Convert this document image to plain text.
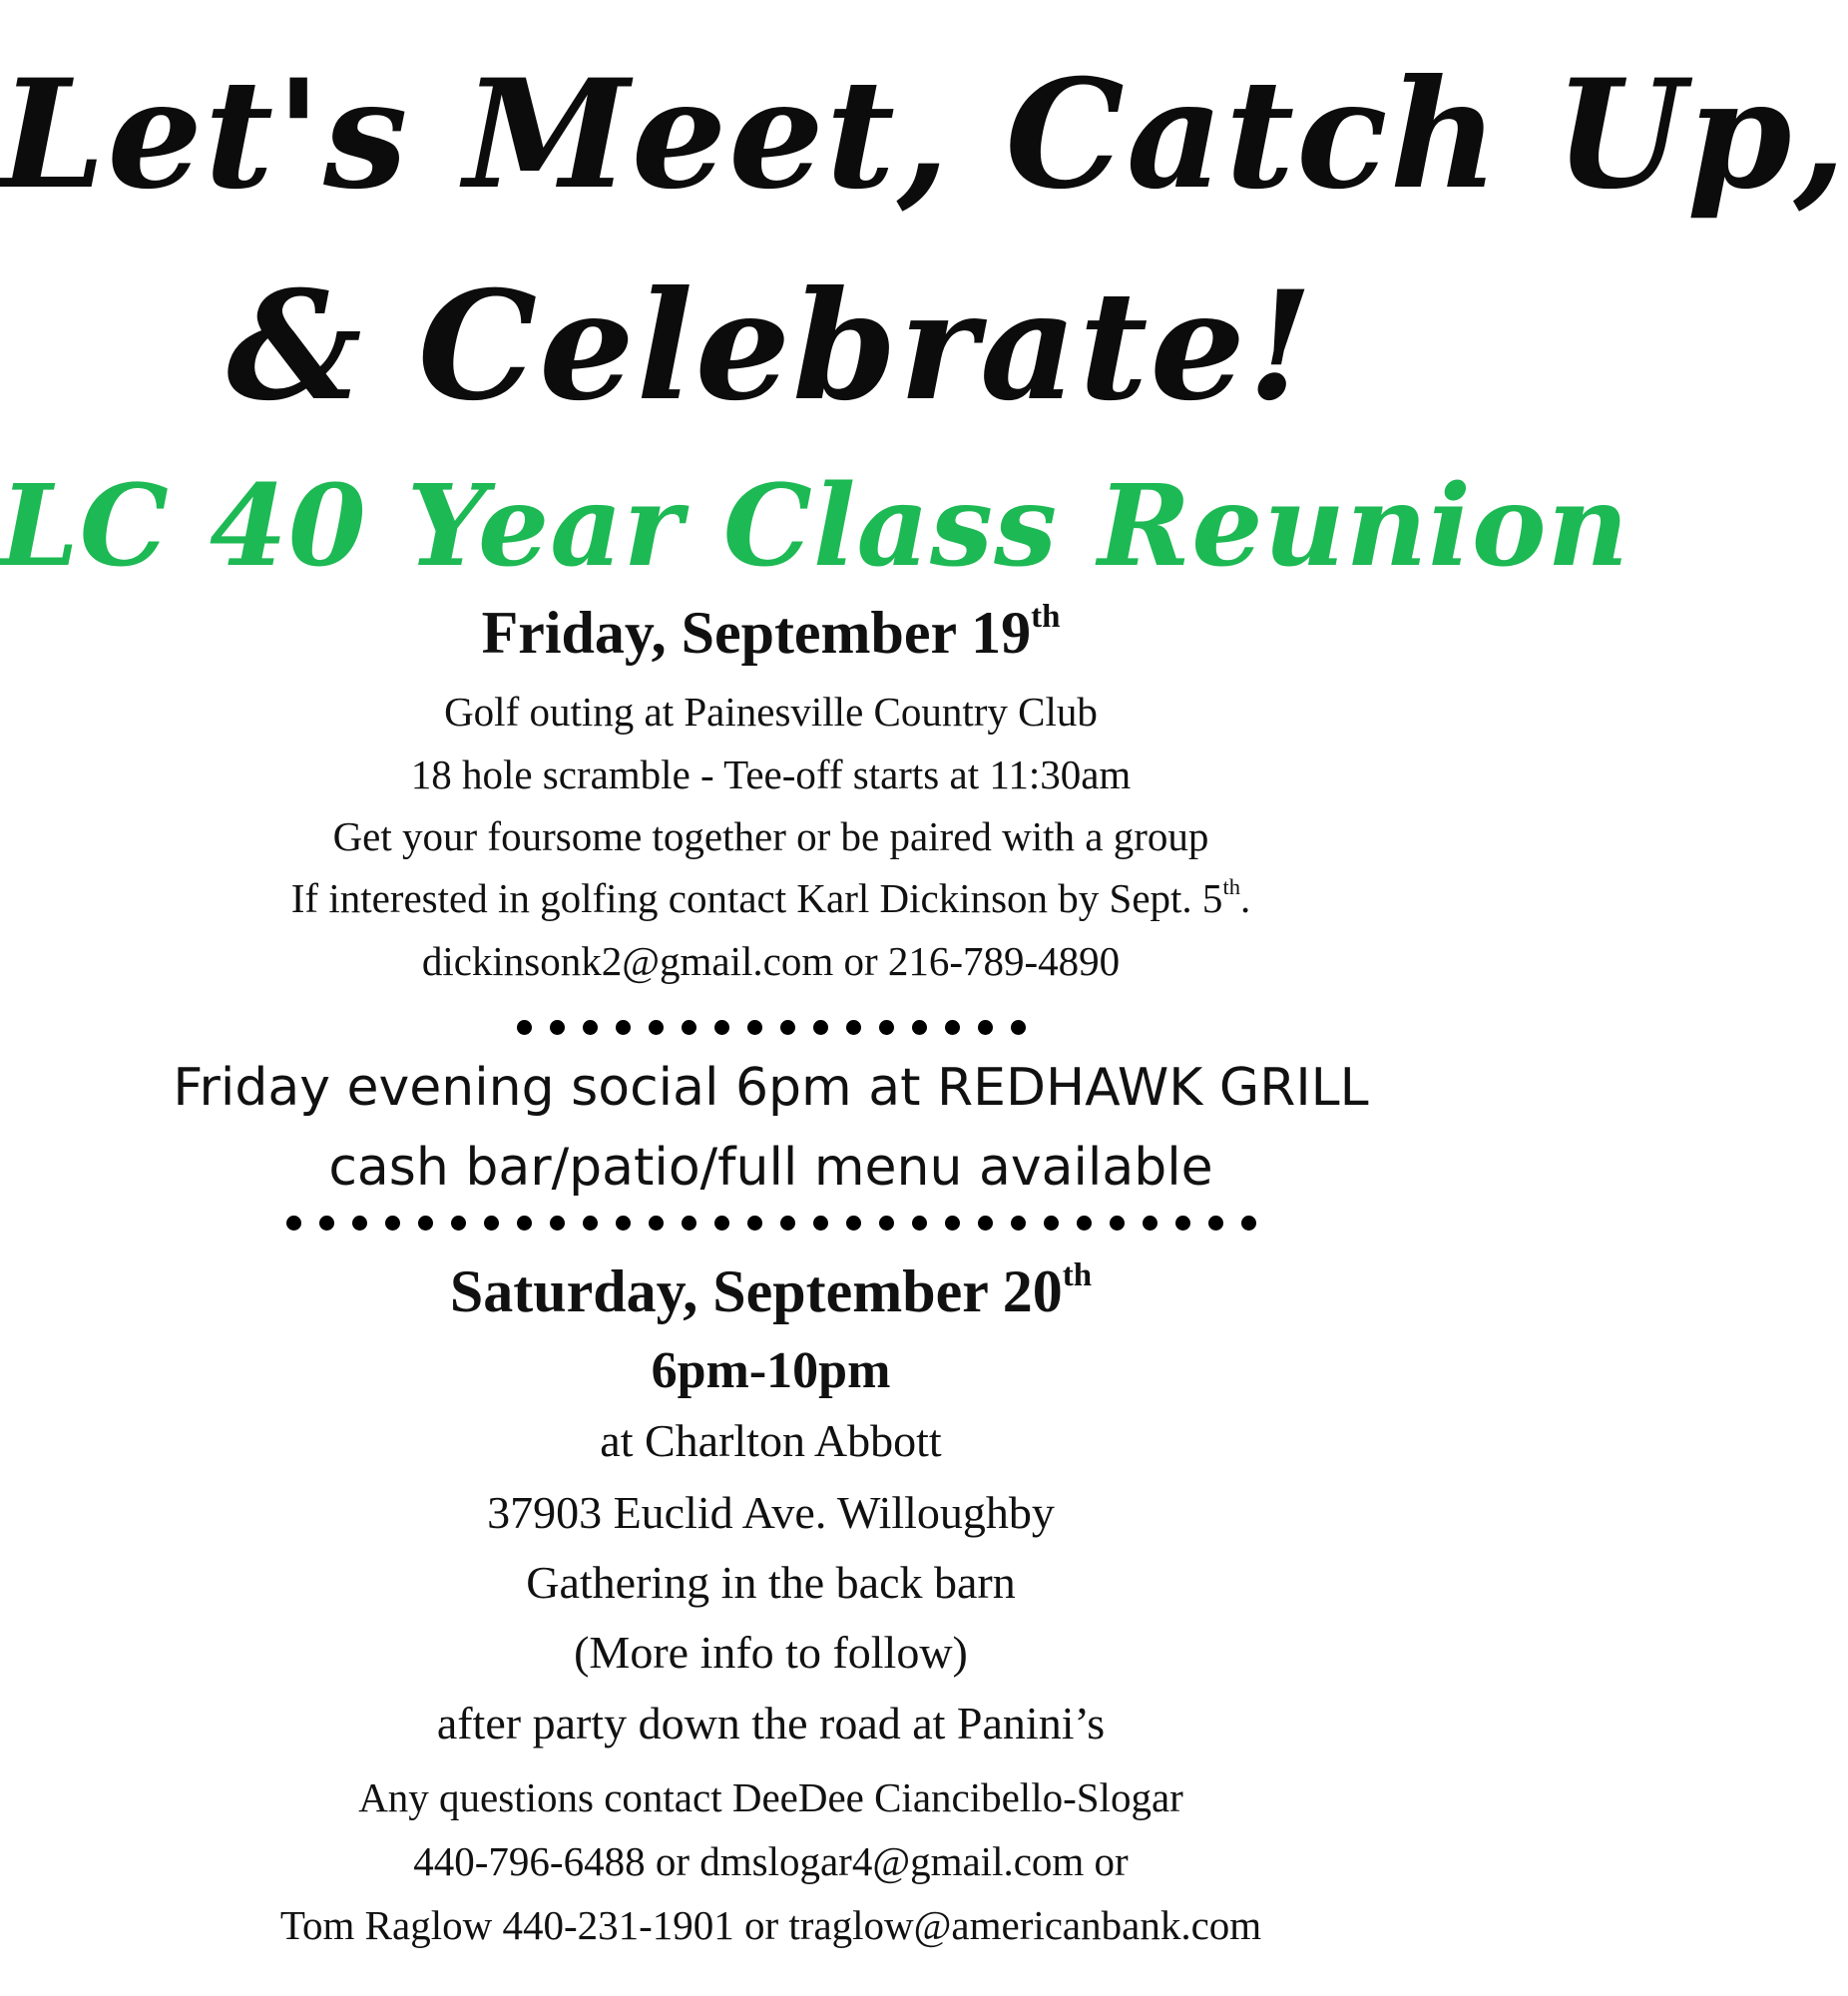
Let's Meet, Catch Up,
& Celebrate!
LC 40 Year Class Reunion
Friday, September 19th
Golf outing at Painesville Country Club
18 hole scramble - Tee-off starts at 11:30am
Get your foursome together or be paired with a group
If interested in golfing contact Karl Dickinson by Sept. 5th.
dickinsonk2@gmail.com or 216-789-4890
Friday evening social 6pm at REDHAWK GRILL
cash bar/patio/full menu available
Saturday, September 20th
6pm-10pm
at Charlton Abbott
37903 Euclid Ave. Willoughby
Gathering in the back barn
(More info to follow)
after party down the road at Panini’s
Any questions contact DeeDee Ciancibello-Slogar
440-796-6488 or dmslogar4@gmail.com or
Tom Raglow 440-231-1901 or traglow@americanbank.com
